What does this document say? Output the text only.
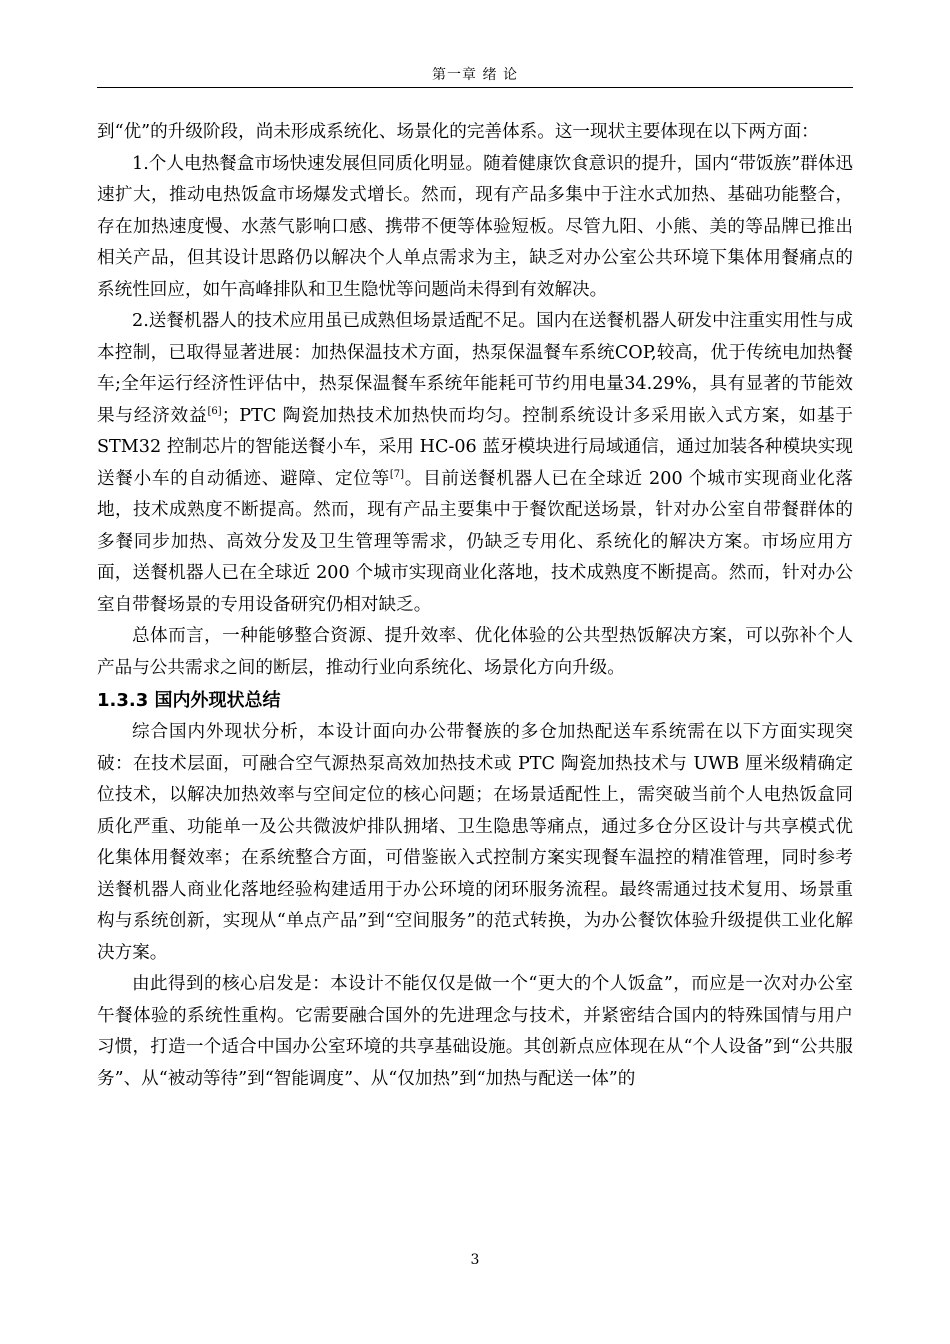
第一章 绪 论

到“优”的升级阶段，尚未形成系统化、场景化的完善体系。这一现状主要体现在以下两方面：

1.个人电热餐盒市场快速发展但同质化明显。随着健康饮食意识的提升，国内“带饭族”群体迅速扩大，推动电热饭盒市场爆发式增长。然而，现有产品多集中于注水式加热、基础功能整合，存在加热速度慢、水蒸气影响口感、携带不便等体验短板。尽管九阳、小熊、美的等品牌已推出相关产品，但其设计思路仍以解决个人单点需求为主，缺乏对办公室公共环境下集体用餐痛点的系统性回应，如午高峰排队和卫生隐忧等问题尚未得到有效解决。

2.送餐机器人的技术应用虽已成熟但场景适配不足。国内在送餐机器人研发中注重实用性与成本控制，已取得显著进展：加热保温技术方面，热泵保温餐车系统COP,较高，优于传统电加热餐车;全年运行经济性评估中，热泵保温餐车系统年能耗可节约用电量34.29%，具有显著的节能效果与经济效益[6]；PTC 陶瓷加热技术加热快而均匀。控制系统设计多采用嵌入式方案，如基于 STM32 控制芯片的智能送餐小车，采用 HC-06 蓝牙模块进行局域通信，通过加装各种模块实现送餐小车的自动循迹、避障、定位等[7]。目前送餐机器人已在全球近 200 个城市实现商业化落地，技术成熟度不断提高。然而，现有产品主要集中于餐饮配送场景，针对办公室自带餐群体的多餐同步加热、高效分发及卫生管理等需求，仍缺乏专用化、系统化的解决方案。市场应用方面，送餐机器人已在全球近 200 个城市实现商业化落地，技术成熟度不断提高。然而，针对办公室自带餐场景的专用设备研究仍相对缺乏。

总体而言，一种能够整合资源、提升效率、优化体验的公共型热饭解决方案，可以弥补个人产品与公共需求之间的断层，推动行业向系统化、场景化方向升级。

1.3.3 国内外现状总结

综合国内外现状分析，本设计面向办公带餐族的多仓加热配送车系统需在以下方面实现突破：在技术层面，可融合空气源热泵高效加热技术或 PTC 陶瓷加热技术与 UWB 厘米级精确定位技术，以解决加热效率与空间定位的核心问题；在场景适配性上，需突破当前个人电热饭盒同质化严重、功能单一及公共微波炉排队拥堵、卫生隐患等痛点，通过多仓分区设计与共享模式优化集体用餐效率；在系统整合方面，可借鉴嵌入式控制方案实现餐车温控的精准管理，同时参考送餐机器人商业化落地经验构建适用于办公环境的闭环服务流程。最终需通过技术复用、场景重构与系统创新，实现从“单点产品”到“空间服务”的范式转换，为办公餐饮体验升级提供工业化解决方案。

由此得到的核心启发是：本设计不能仅仅是做一个“更大的个人饭盒”，而应是一次对办公室午餐体验的系统性重构。它需要融合国外的先进理念与技术，并紧密结合国内的特殊国情与用户习惯，打造一个适合中国办公室环境的共享基础设施。其创新点应体现在从“个人设备”到“公共服务”、从“被动等待”到“智能调度”、从“仅加热”到“加热与配送一体”的

3
